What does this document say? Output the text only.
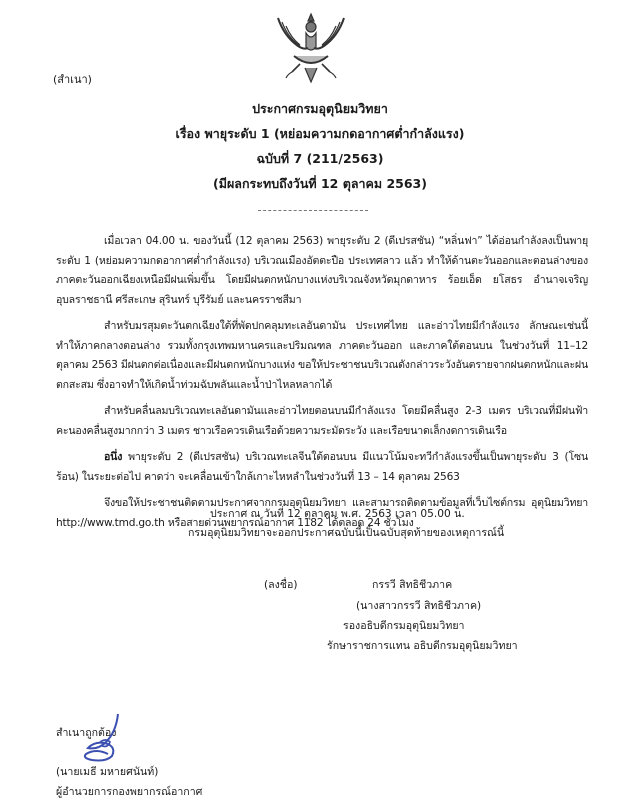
(สำเนา)
ประกาศกรมอุตุนิยมวิทยา
เรื่อง พายุระดับ 1 (หย่อมความกดอากาศต่ำกำลังแรง)
ฉบับที่ 7 (211/2563)
(มีผลกระทบถึงวันที่ 12 ตุลาคม 2563)

เมื่อเวลา 04.00 น. ของวันนี้ (12 ตุลาคม 2563) พายุระดับ 2 (ดีเปรสชัน) “หลิ่นฟา” ได้อ่อนกำลังลงเป็นพายุระดับ 1 (หย่อมความกดอากาศต่ำกำลังแรง) บริเวณเมืองอัตตะปือ ประเทศลาว แล้ว ทำให้ด้านตะวันออกและตอนล่างของภาคตะวันออกเฉียงเหนือมีฝนเพิ่มขึ้น โดยมีฝนตกหนักบางแห่งบริเวณจังหวัดมุกดาหาร ร้อยเอ็ด ยโสธร อำนาจเจริญ อุบลราชธานี ศรีสะเกษ สุรินทร์ บุรีรัมย์ และนครราชสีมา

สำหรับมรสุมตะวันตกเฉียงใต้ที่พัดปกคลุมทะเลอันดามัน ประเทศไทย และอ่าวไทยมีกำลังแรง ลักษณะเช่นนี้ทำให้ภาคกลางตอนล่าง รวมทั้งกรุงเทพมหานครและปริมณฑล ภาคตะวันออก และภาคใต้ตอนบน ในช่วงวันที่ 11–12 ตุลาคม 2563 มีฝนตกต่อเนื่องและมีฝนตกหนักบางแห่ง ขอให้ประชาชนบริเวณดังกล่าวระวังอันตรายจากฝนตกหนักและฝนตกสะสม ซึ่งอาจทำให้เกิดน้ำท่วมฉับพลันและน้ำป่าไหลหลากได้

สำหรับคลื่นลมบริเวณทะเลอันดามันและอ่าวไทยตอนบนมีกำลังแรง โดยมีคลื่นสูง 2-3 เมตร บริเวณที่มีฝนฟ้าคะนองคลื่นสูงมากกว่า 3 เมตร ชาวเรือควรเดินเรือด้วยความระมัดระวัง และเรือขนาดเล็กงดการเดินเรือ

อนึ่ง พายุระดับ 2 (ดีเปรสชัน) บริเวณทะเลจีนใต้ตอนบน มีแนวโน้มจะทวีกำลังแรงขึ้นเป็นพายุระดับ 3 (โซนร้อน) ในระยะต่อไป คาดว่า จะเคลื่อนเข้าใกล้เกาะไหหลำในช่วงวันที่ 13 – 14 ตุลาคม 2563

จึงขอให้ประชาชนติดตามประกาศจากกรมอุตุนิยมวิทยา และสามารถติดตามข้อมูลที่เว็บไซต์กรม อุตุนิยมวิทยา http://www.tmd.go.th หรือสายด่วนพยากรณ์อากาศ 1182 ได้ตลอด 24 ชั่วโมง

ประกาศ ณ วันที่ 12 ตุลาคม พ.ศ. 2563 เวลา 05.00 น.
กรมอุตุนิยมวิทยาจะออกประกาศฉบับนี้เป็นฉบับสุดท้ายของเหตุการณ์นี้
(ลงชื่อ)	กรรวี สิทธิชีวภาค
(นางสาวกรรวี สิทธิชีวภาค)
รองอธิบดีกรมอุตุนิยมวิทยา
รักษาราชการแทน อธิบดีกรมอุตุนิยมวิทยา
สำเนาถูกต้อง
(นายเมธี มหายศนันท์)
ผู้อำนวยการกองพยากรณ์อากาศ
